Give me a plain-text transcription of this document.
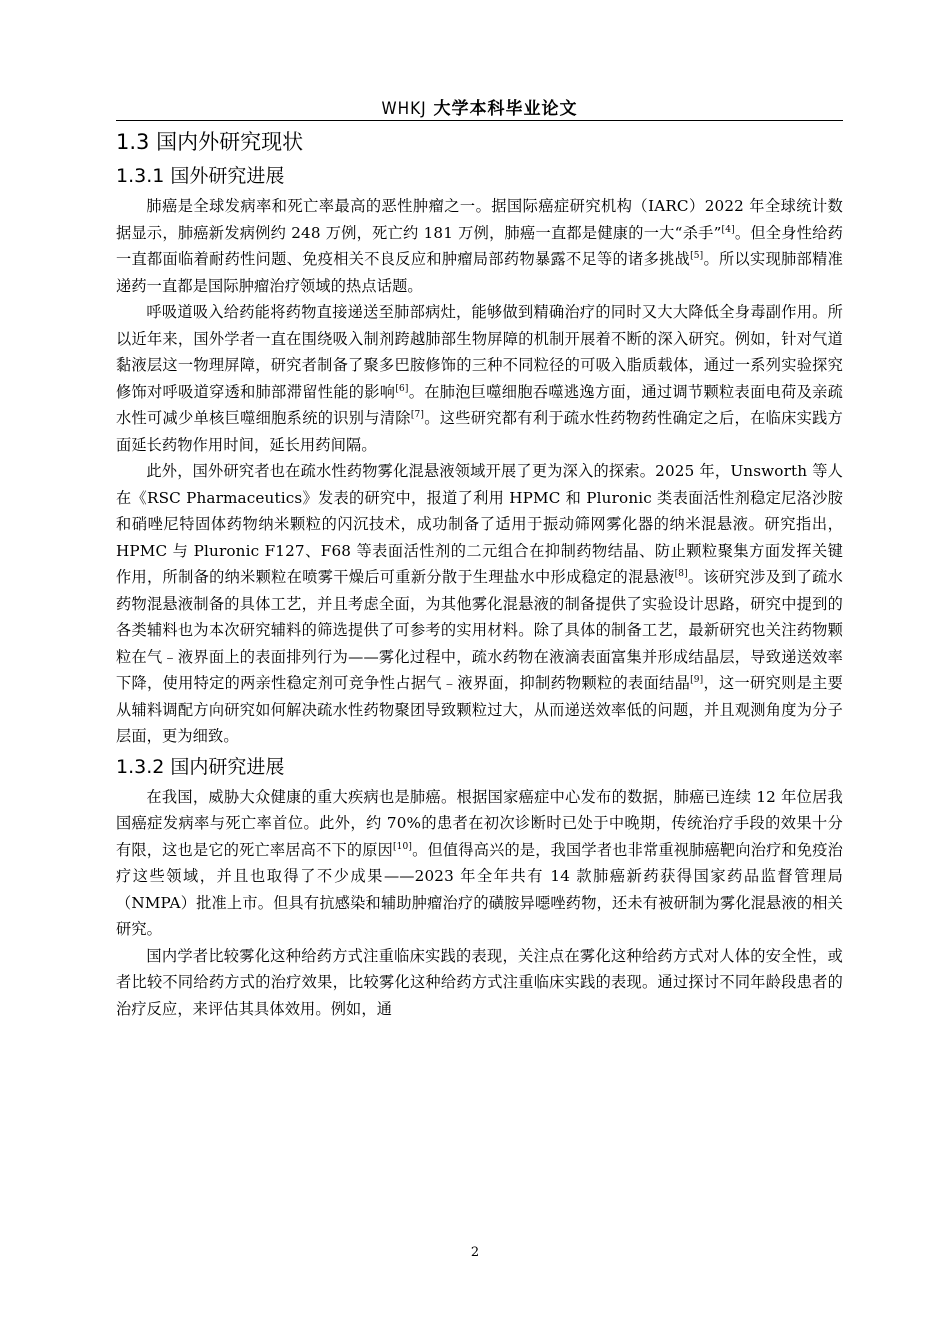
WHKJ 大学本科毕业论文
1.3 国内外研究现状
1.3.1 国外研究进展

肺癌是全球发病率和死亡率最高的恶性肿瘤之一。据国际癌症研究机构（IARC）2022 年全球统计数据显示，肺癌新发病例约 248 万例，死亡约 181 万例，肺癌一直都是健康的一大“杀手”[4]。但全身性给药一直都面临着耐药性问题、免疫相关不良反应和肿瘤局部药物暴露不足等的诸多挑战[5]。所以实现肺部精准递药一直都是国际肿瘤治疗领域的热点话题。

呼吸道吸入给药能将药物直接递送至肺部病灶，能够做到精确治疗的同时又大大降低全身毒副作用。所以近年来，国外学者一直在围绕吸入制剂跨越肺部生物屏障的机制开展着不断的深入研究。例如，针对气道黏液层这一物理屏障，研究者制备了聚多巴胺修饰的三种不同粒径的可吸入脂质载体，通过一系列实验探究修饰对呼吸道穿透和肺部滞留性能的影响[6]。在肺泡巨噬细胞吞噬逃逸方面，通过调节颗粒表面电荷及亲疏水性可减少单核巨噬细胞系统的识别与清除[7]。这些研究都有利于疏水性药物药性确定之后，在临床实践方面延长药物作用时间，延长用药间隔。

此外，国外研究者也在疏水性药物雾化混悬液领域开展了更为深入的探索。2025 年，Unsworth 等人在《RSC Pharmaceutics》发表的研究中，报道了利用 HPMC 和 Pluronic 类表面活性剂稳定尼洛沙胺和硝唑尼特固体药物纳米颗粒的闪沉技术，成功制备了适用于振动筛网雾化器的纳米混悬液。研究指出，HPMC 与 Pluronic F127、F68 等表面活性剂的二元组合在抑制药物结晶、防止颗粒聚集方面发挥关键作用，所制备的纳米颗粒在喷雾干燥后可重新分散于生理盐水中形成稳定的混悬液[8]。该研究涉及到了疏水药物混悬液制备的具体工艺，并且考虑全面，为其他雾化混悬液的制备提供了实验设计思路，研究中提到的各类辅料也为本次研究辅料的筛选提供了可参考的实用材料。除了具体的制备工艺，最新研究也关注药物颗粒在气﹣液界面上的表面排列行为——雾化过程中，疏水药物在液滴表面富集并形成结晶层，导致递送效率下降，使用特定的两亲性稳定剂可竞争性占据气﹣液界面，抑制药物颗粒的表面结晶[9]，这一研究则是主要从辅料调配方向研究如何解决疏水性药物聚团导致颗粒过大，从而递送效率低的问题，并且观测角度为分子层面，更为细致。

1.3.2 国内研究进展

在我国，威胁大众健康的重大疾病也是肺癌。根据国家癌症中心发布的数据，肺癌已连续 12 年位居我国癌症发病率与死亡率首位。此外，约 70%的患者在初次诊断时已处于中晚期，传统治疗手段的效果十分有限，这也是它的死亡率居高不下的原因[10]。但值得高兴的是，我国学者也非常重视肺癌靶向治疗和免疫治疗这些领域，并且也取得了不少成果——2023 年全年共有 14 款肺癌新药获得国家药品监督管理局（NMPA）批准上市。但具有抗感染和辅助肿瘤治疗的磺胺异噁唑药物，还未有被研制为雾化混悬液的相关研究。

国内学者比较雾化这种给药方式注重临床实践的表现，关注点在雾化这种给药方式对人体的安全性，或者比较不同给药方式的治疗效果，比较雾化这种给药方式注重临床实践的表现。通过探讨不同年龄段患者的治疗反应，来评估其具体效用。例如，通

2
